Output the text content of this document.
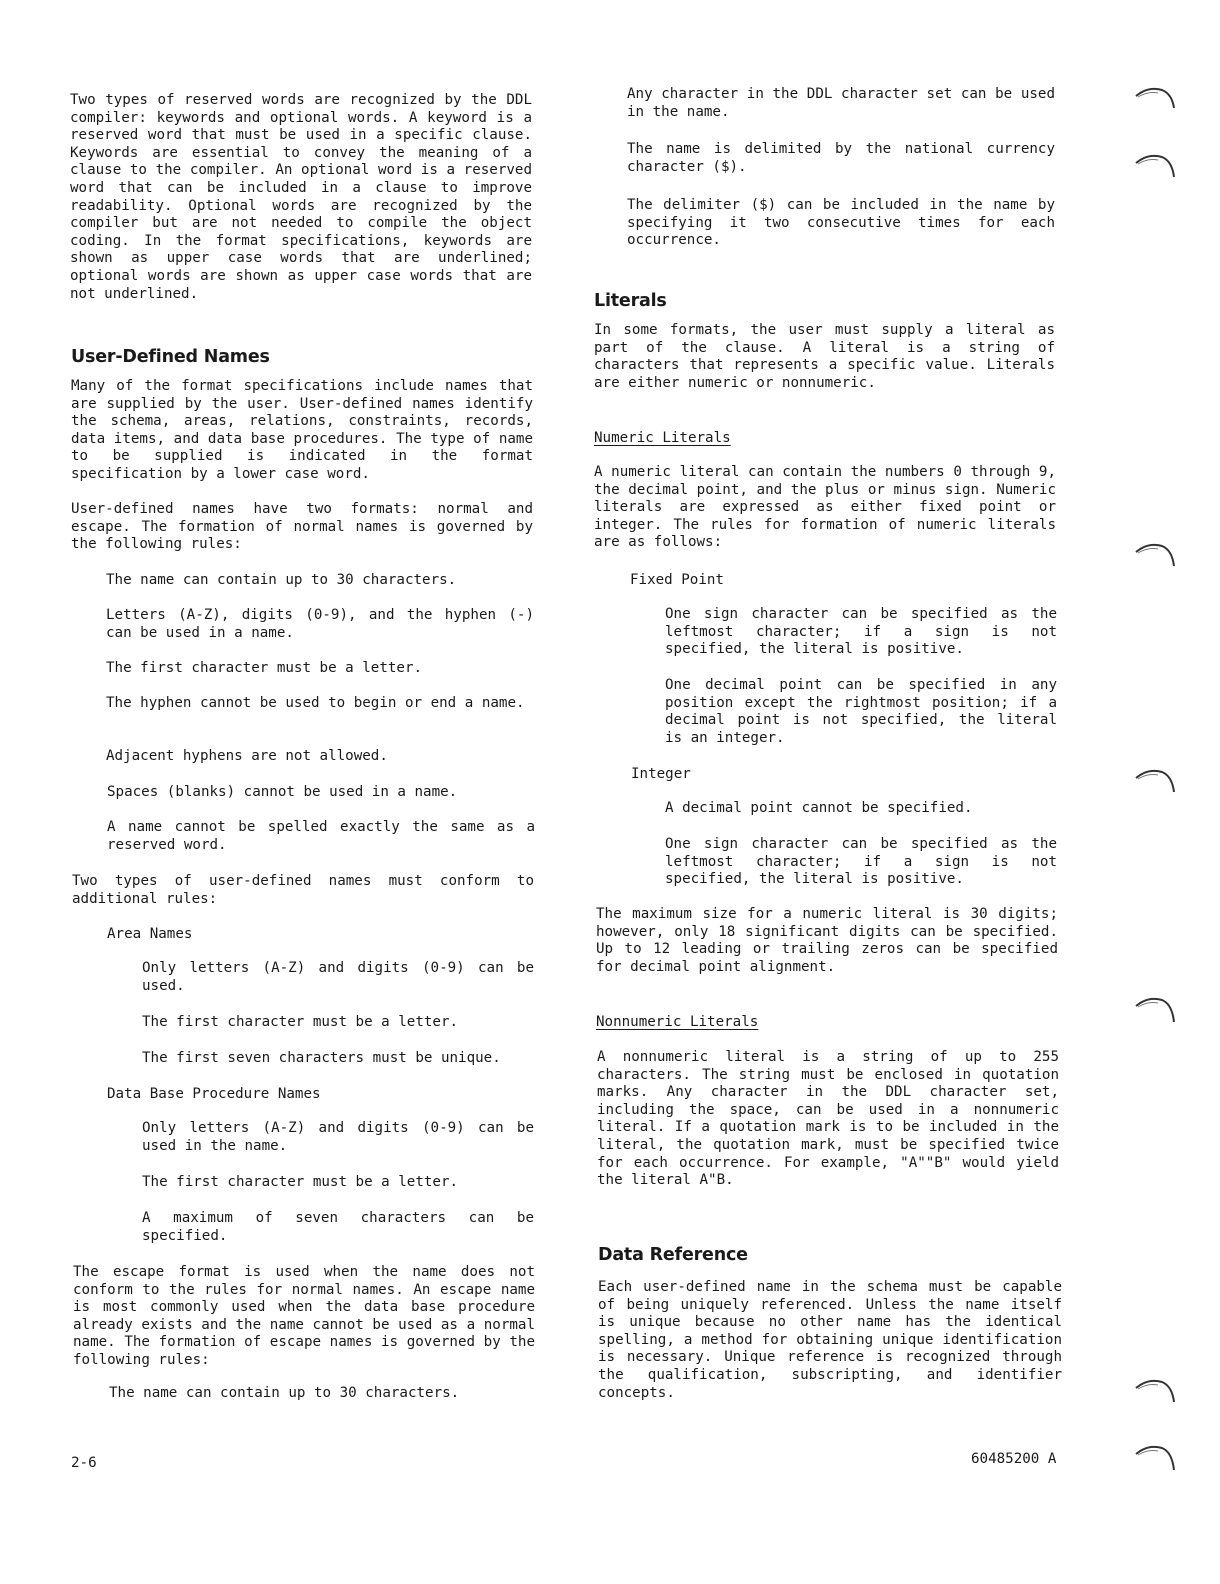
Two types of reserved words are recognized by the DDL compiler: keywords and optional words. A keyword is a reserved word that must be used in a specific clause. Keywords are essential to convey the meaning of a clause to the compiler. An optional word is a reserved word that can be included in a clause to improve readability. Optional words are recognized by the compiler but are not needed to compile the object coding. In the format specifications, keywords are shown as upper case words that are underlined; optional words are shown as upper case words that are not underlined.

User-Defined Names

Many of the format specifications include names that are supplied by the user. User-defined names identify the schema, areas, relations, constraints, records, data items, and data base procedures. The type of name to be supplied is indicated in the format specification by a lower case word.

User-defined names have two formats: normal and escape. The formation of normal names is governed by the following rules:

The name can contain up to 30 characters.

Letters (A-Z), digits (0-9), and the hyphen (-) can be used in a name.

The first character must be a letter.

The hyphen cannot be used to begin or end a name.

Adjacent hyphens are not allowed.

Spaces (blanks) cannot be used in a name.

A name cannot be spelled exactly the same as a reserved word.

Two types of user-defined names must conform to additional rules:

Area Names

Only letters (A-Z) and digits (0-9) can be used.

The first character must be a letter.

The first seven characters must be unique.

Data Base Procedure Names

Only letters (A-Z) and digits (0-9) can be used in the name.

The first character must be a letter.

A maximum of seven characters can be specified.

The escape format is used when the name does not conform to the rules for normal names. An escape name is most commonly used when the data base procedure already exists and the name cannot be used as a normal name. The formation of escape names is governed by the following rules:

The name can contain up to 30 characters.

Any character in the DDL character set can be used in the name.

The name is delimited by the national currency character ($).

The delimiter ($) can be included in the name by specifying it two consecutive times for each occurrence.

Literals

In some formats, the user must supply a literal as part of the clause. A literal is a string of characters that represents a specific value. Literals are either numeric or nonnumeric.

Numeric Literals

A numeric literal can contain the numbers 0 through 9, the decimal point, and the plus or minus sign. Numeric literals are expressed as either fixed point or integer. The rules for formation of numeric literals are as follows:

Fixed Point

One sign character can be specified as the leftmost character; if a sign is not specified, the literal is positive.

One decimal point can be specified in any position except the rightmost position; if a decimal point is not specified, the literal is an integer.

Integer

A decimal point cannot be specified.

One sign character can be specified as the leftmost character; if a sign is not specified, the literal is positive.

The maximum size for a numeric literal is 30 digits; however, only 18 significant digits can be specified. Up to 12 leading or trailing zeros can be specified for decimal point alignment.

Nonnumeric Literals

A nonnumeric literal is a string of up to 255 characters. The string must be enclosed in quotation marks. Any character in the DDL character set, including the space, can be used in a nonnumeric literal. If a quotation mark is to be included in the literal, the quotation mark, must be specified twice for each occurrence. For example, "A""B" would yield the literal A"B.

Data Reference

Each user-defined name in the schema must be capable of being uniquely referenced. Unless the name itself is unique because no other name has the identical spelling, a method for obtaining unique identification is necessary. Unique reference is recognized through the qualification, subscripting, and identifier concepts.

2-6	60485200 A
